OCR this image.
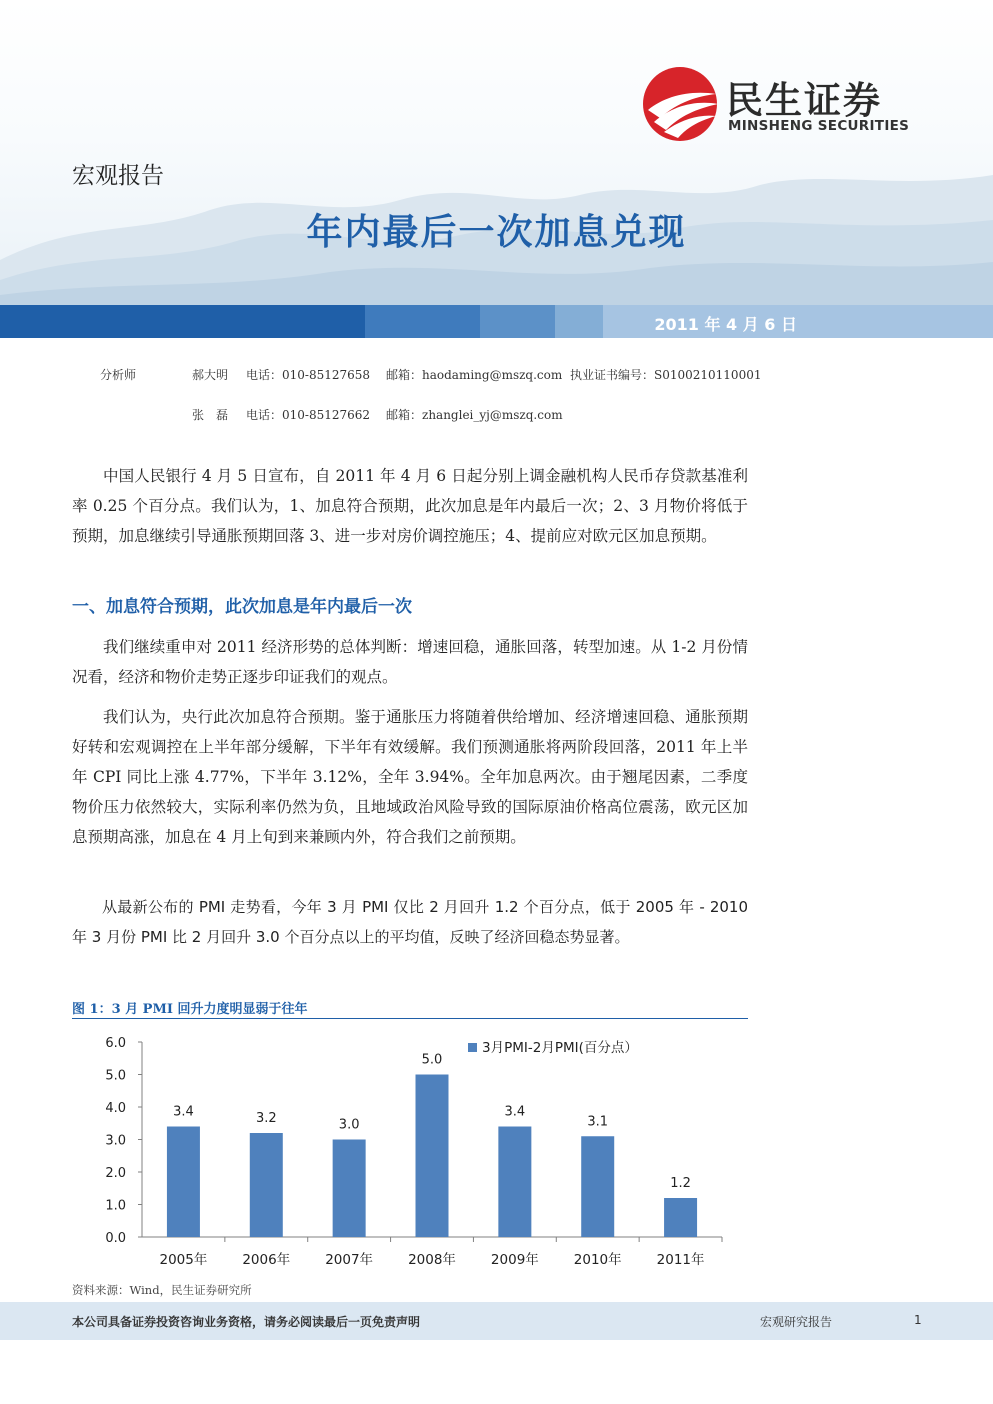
民生证券
MINSHENG SECURITIES
宏观报告
年内最后一次加息兑现
2011 年 4 月 6 日
分析师	郝大明 电话：010-85127658 邮箱：haodaming@mszq.com 执业证书编号：S0100210110001
张　磊 电话：010-85127662 邮箱：zhanglei_yj@mszq.com

中国人民银行 4 月 5 日宣布，自 2011 年 4 月 6 日起分别上调金融机构人民币存贷款基准利率 0.25 个百分点。我们认为，1、加息符合预期，此次加息是年内最后一次；2、3 月物价将低于预期，加息继续引导通胀预期回落 3、进一步对房价调控施压；4、提前应对欧元区加息预期。

一、加息符合预期，此次加息是年内最后一次

我们继续重申对 2011 经济形势的总体判断：增速回稳，通胀回落，转型加速。从 1-2 月份情况看，经济和物价走势正逐步印证我们的观点。

我们认为，央行此次加息符合预期。鉴于通胀压力将随着供给增加、经济增速回稳、通胀预期好转和宏观调控在上半年部分缓解，下半年有效缓解。我们预测通胀将两阶段回落，2011 年上半年 CPI 同比上涨 4.77%，下半年 3.12%，全年 3.94%。全年加息两次。由于翘尾因素，二季度物价压力依然较大，实际利率仍然为负，且地域政治风险导致的国际原油价格高位震荡，欧元区加息预期高涨，加息在 4 月上旬到来兼顾内外，符合我们之前预期。

从最新公布的 PMI 走势看，今年 3 月 PMI 仅比 2 月回升 1.2 个百分点，低于 2005 年 - 2010 年 3 月份 PMI 比 2 月回升 3.0 个百分点以上的平均值，反映了经济回稳态势显著。

图 1：3 月 PMI 回升力度明显弱于往年
0.0
1.0
2.0
3.0
4.0
5.0
6.0
2005年	2006年	2007年	2008年	2009年	2010年	2011年
3.4	3.2	3.0
5.0
3.4
3.1
1.2
3月PMI-2月PMI(百分点）
资料来源：Wind，民生证券研究所
本公司具备证券投资咨询业务资格，请务必阅读最后一页免责声明	宏观研究报告	1
